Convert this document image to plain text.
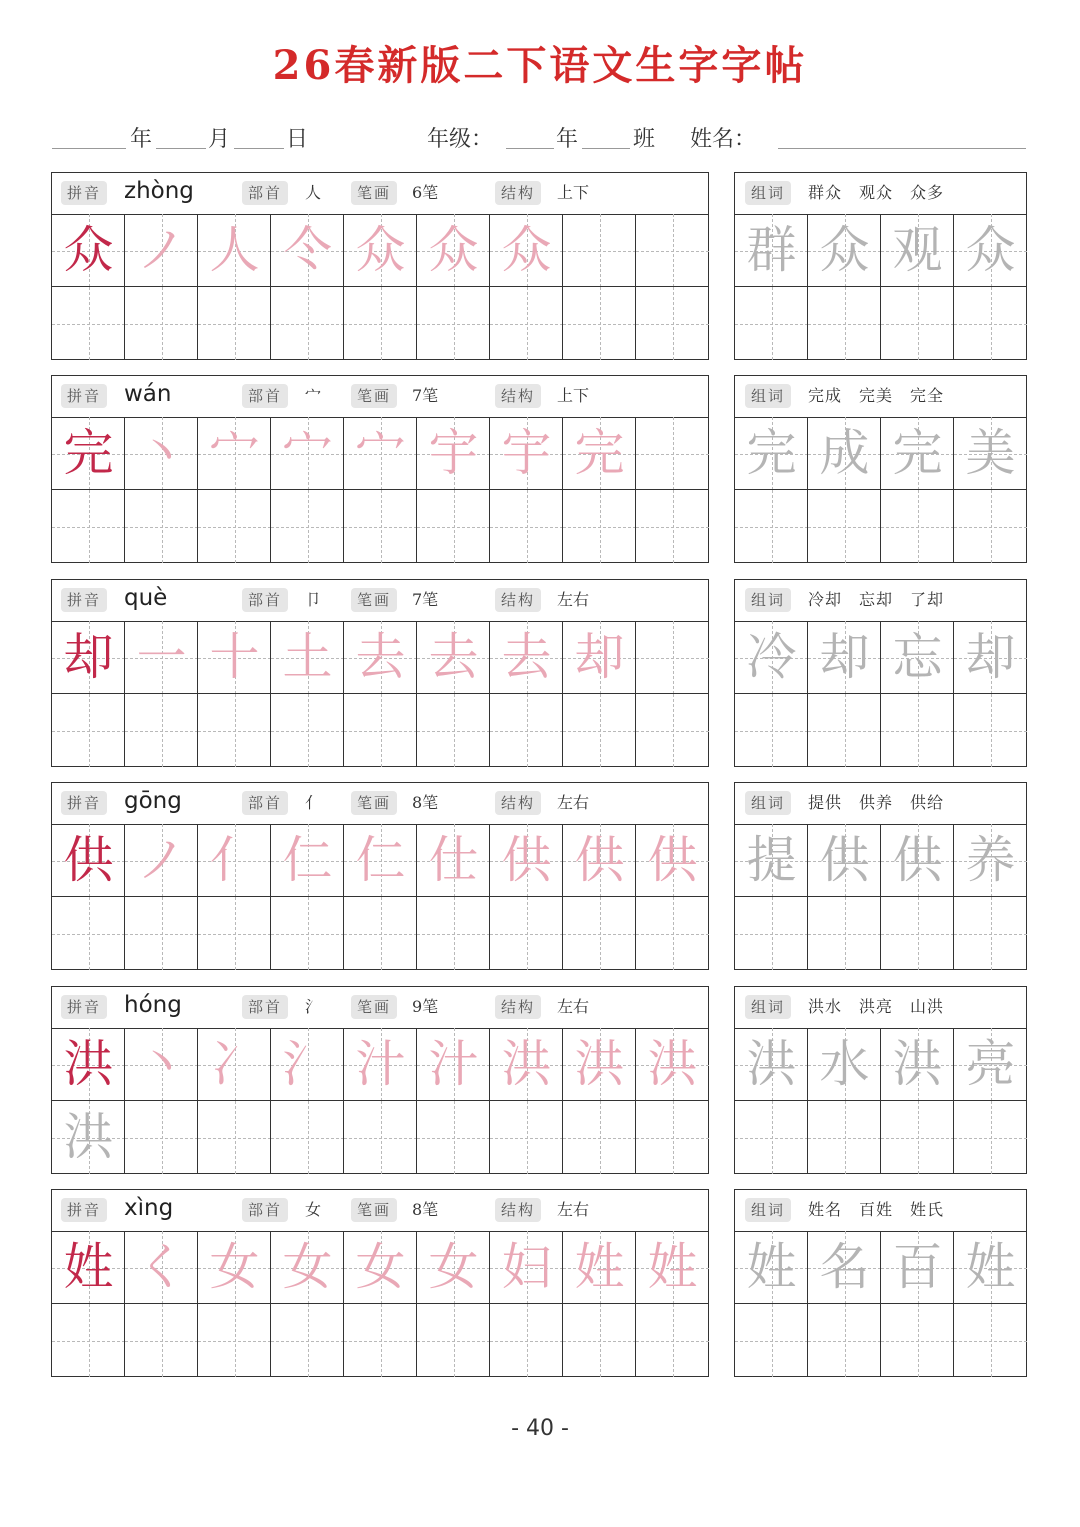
26春新版二下语文生字字帖
年	月	日	年级：	年 班 姓名：
拼音 zhòng	部首	人	笔画	6笔	结构	上下
众 ノ 人 仒 众 众 众
组词	群众　观众　众多
群 众 观 众
拼音 wán	部首	宀	笔画	7笔	结构	上下
完 丶 宀 宀 宀 宇 宇 完
组词	完成　完美　完全
完 成 完 美
拼音 què	部首	卩	笔画	7笔	结构	左右
却 一 十 土 去 去 去 却
组词	冷却　忘却　了却
冷 却 忘 却
拼音 gōng	部首	亻	笔画	8笔	结构	左右
供 ノ 亻 仁 仁 仕 供 供 供
组词	提供　供养　供给
提 供 供 养
拼音 hóng	部首	氵	笔画	9笔	结构	左右
洪 丶 冫 氵 汁 汁 洪 洪 洪
洪
组词	洪水　洪亮　山洪
洪 水 洪 亮
拼音 xìng	部首	女	笔画	8笔	结构	左右
姓 く 女 女 女 女 妇 姓 姓
组词	姓名　百姓　姓氏
姓 名 百 姓
- 40 -
